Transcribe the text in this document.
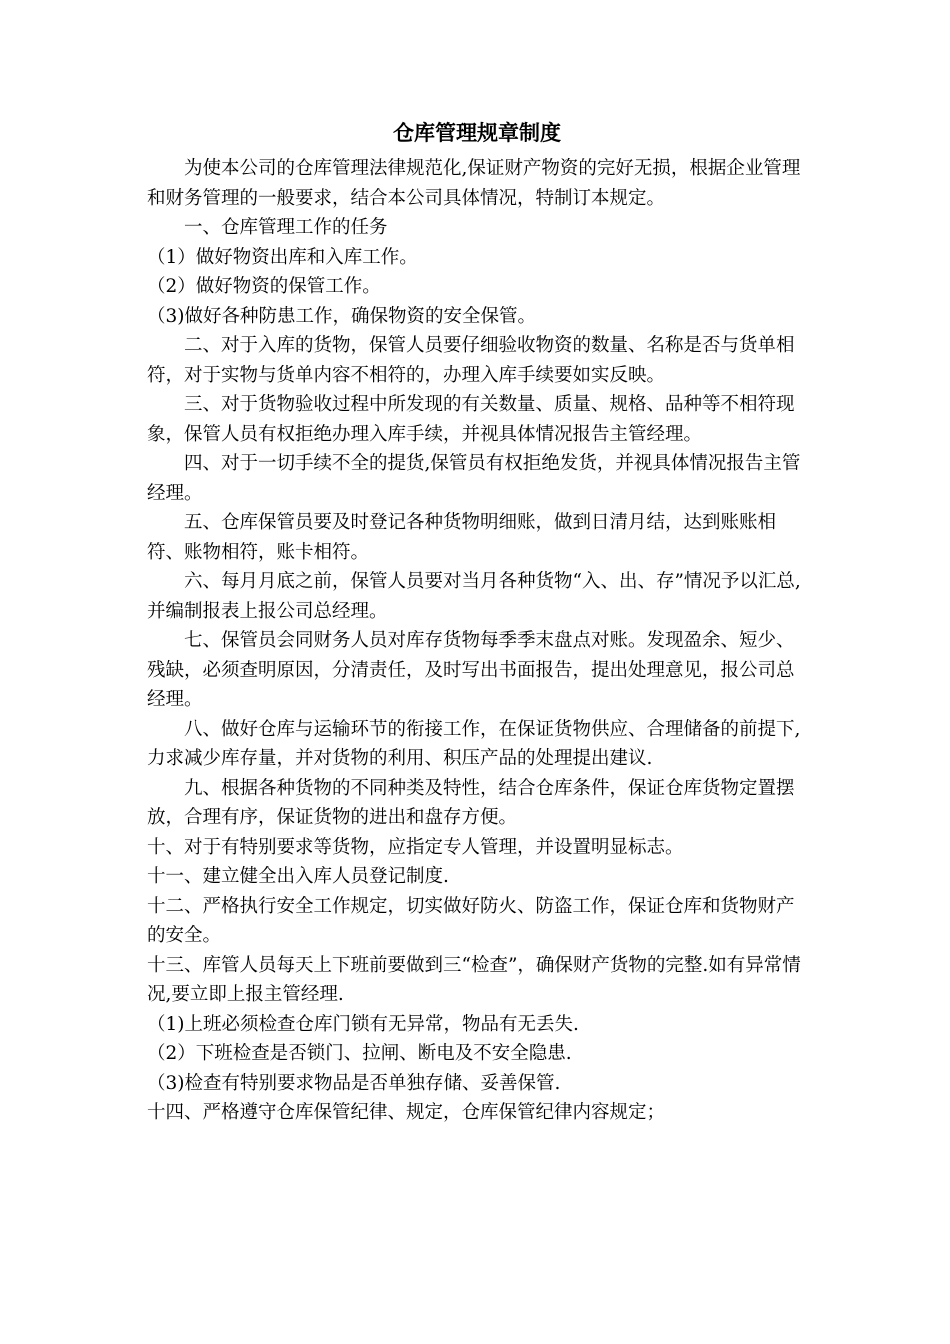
仓库管理规章制度

为使本公司的仓库管理法律规范化,保证财产物资的完好无损，根据企业管理和财务管理的一般要求，结合本公司具体情况，特制订本规定。

一、仓库管理工作的任务

（1）做好物资出库和入库工作。

（2）做好物资的保管工作。

（3)做好各种防患工作，确保物资的安全保管。

二、对于入库的货物，保管人员要仔细验收物资的数量、名称是否与货单相符，对于实物与货单内容不相符的，办理入库手续要如实反映。

三、对于货物验收过程中所发现的有关数量、质量、规格、品种等不相符现象，保管人员有权拒绝办理入库手续，并视具体情况报告主管经理。

四、对于一切手续不全的提货,保管员有权拒绝发货，并视具体情况报告主管经理。

五、仓库保管员要及时登记各种货物明细账，做到日清月结，达到账账相符、账物相符，账卡相符。

六、每月月底之前，保管人员要对当月各种货物“入、出、存”情况予以汇总,并编制报表上报公司总经理。

七、保管员会同财务人员对库存货物每季季末盘点对账。发现盈余、短少、残缺，必须查明原因，分清责任，及时写出书面报告，提出处理意见，报公司总经理。

八、做好仓库与运输环节的衔接工作，在保证货物供应、合理储备的前提下,力求减少库存量，并对货物的利用、积压产品的处理提出建议.

九、根据各种货物的不同种类及特性，结合仓库条件，保证仓库货物定置摆放，合理有序，保证货物的进出和盘存方便。

十、对于有特别要求等货物，应指定专人管理，并设置明显标志。

十一、建立健全出入库人员登记制度.

十二、严格执行安全工作规定，切实做好防火、防盗工作，保证仓库和货物财产的安全。

十三、库管人员每天上下班前要做到三“检查”，确保财产货物的完整.如有异常情况,要立即上报主管经理.

（1)上班必须检查仓库门锁有无异常，物品有无丢失.

（2）下班检查是否锁门、拉闸、断电及不安全隐患.

（3)检查有特别要求物品是否单独存储、妥善保管.

十四、严格遵守仓库保管纪律、规定，仓库保管纪律内容规定；
